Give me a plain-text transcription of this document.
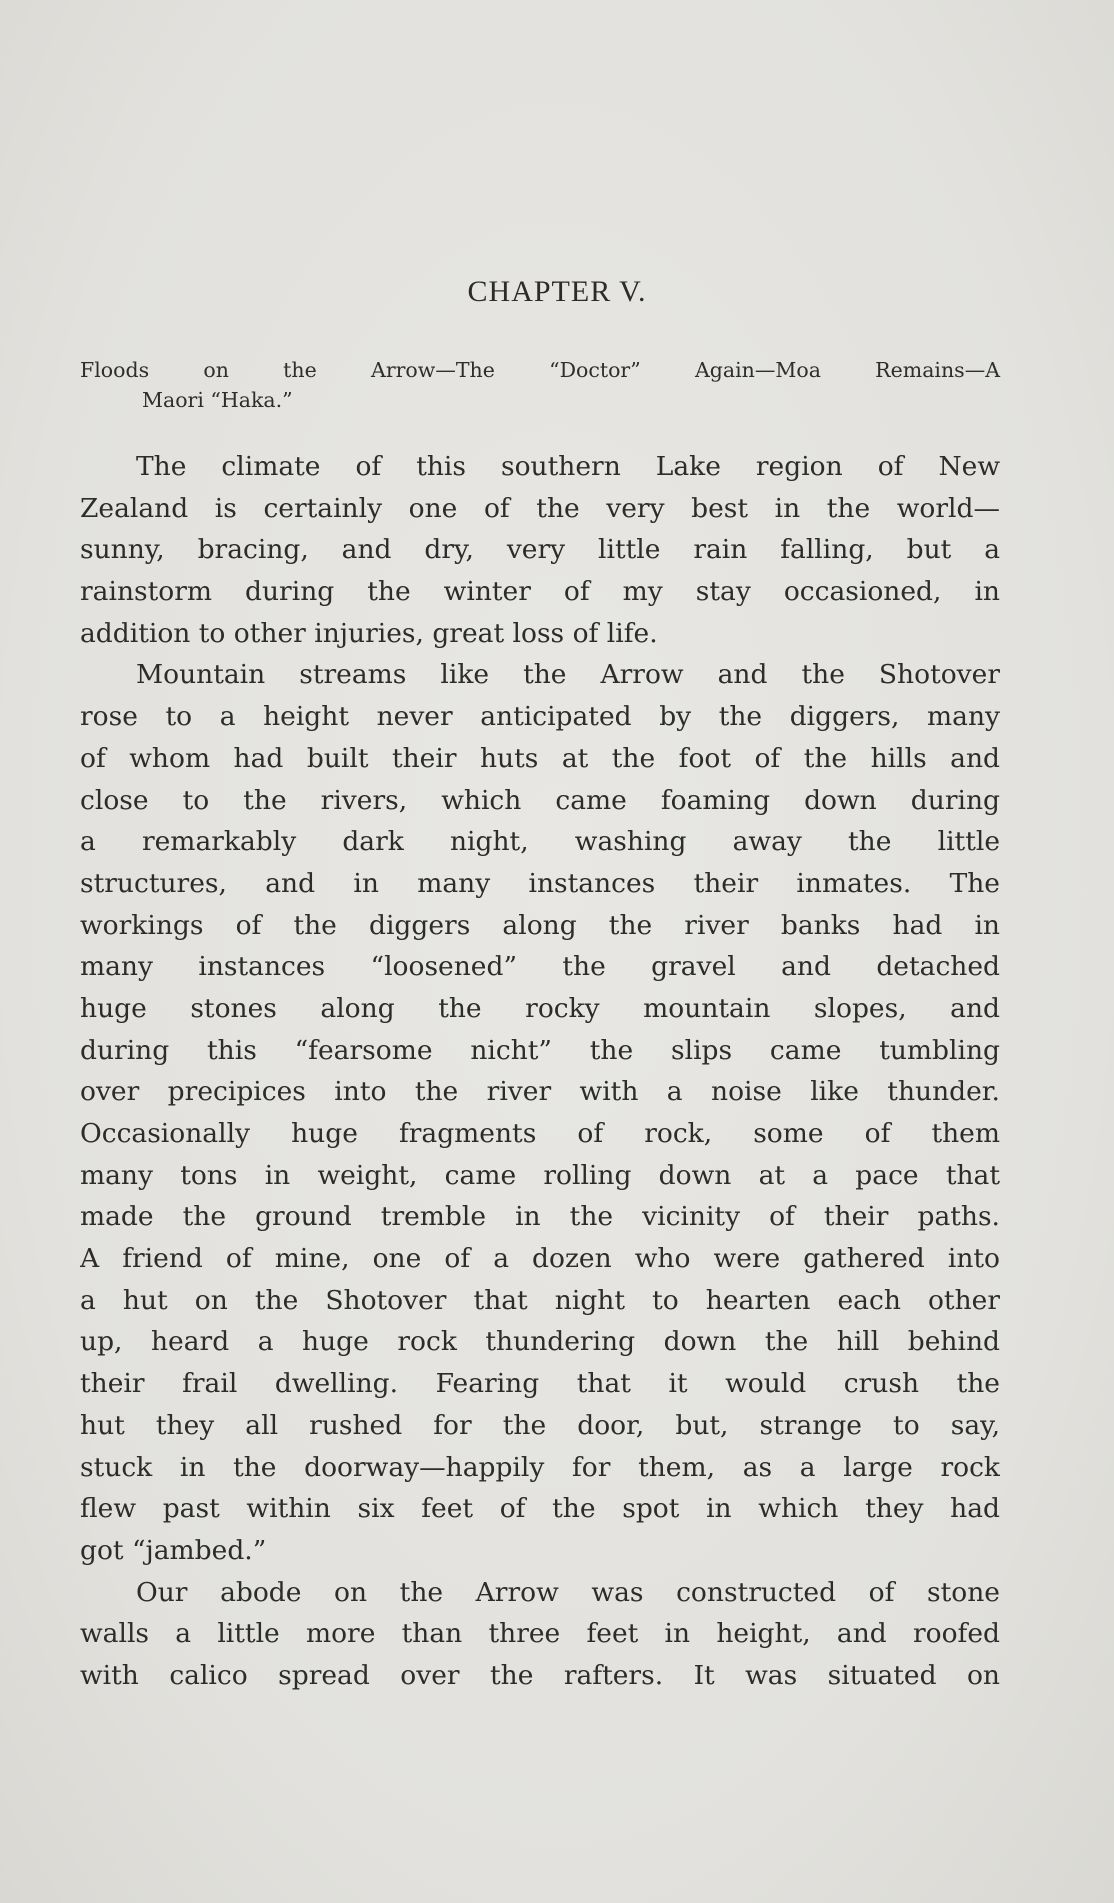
CHAPTER V.
Floods on the Arrow—The “Doctor” Again—Moa Remains—A
Maori “Haka.”
The climate of this southern Lake region of New
Zealand is certainly one of the very best in the world—
sunny, bracing, and dry, very little rain falling, but a
rainstorm during the winter of my stay occasioned, in
addition to other injuries, great loss of life.
Mountain streams like the Arrow and the Shotover
rose to a height never anticipated by the diggers, many
of whom had built their huts at the foot of the hills and
close to the rivers, which came foaming down during
a remarkably dark night, washing away the little
structures, and in many instances their inmates. The
workings of the diggers along the river banks had in
many instances “loosened” the gravel and detached
huge stones along the rocky mountain slopes, and
during this “fearsome nicht” the slips came tumbling
over precipices into the river with a noise like thunder.
Occasionally huge fragments of rock, some of them
many tons in weight, came rolling down at a pace that
made the ground tremble in the vicinity of their paths.
A friend of mine, one of a dozen who were gathered into
a hut on the Shotover that night to hearten each other
up, heard a huge rock thundering down the hill behind
their frail dwelling. Fearing that it would crush the
hut they all rushed for the door, but, strange to say,
stuck in the doorway—happily for them, as a large rock
flew past within six feet of the spot in which they had
got “jambed.”
Our abode on the Arrow was constructed of stone
walls a little more than three feet in height, and roofed
with calico spread over the rafters. It was situated on
